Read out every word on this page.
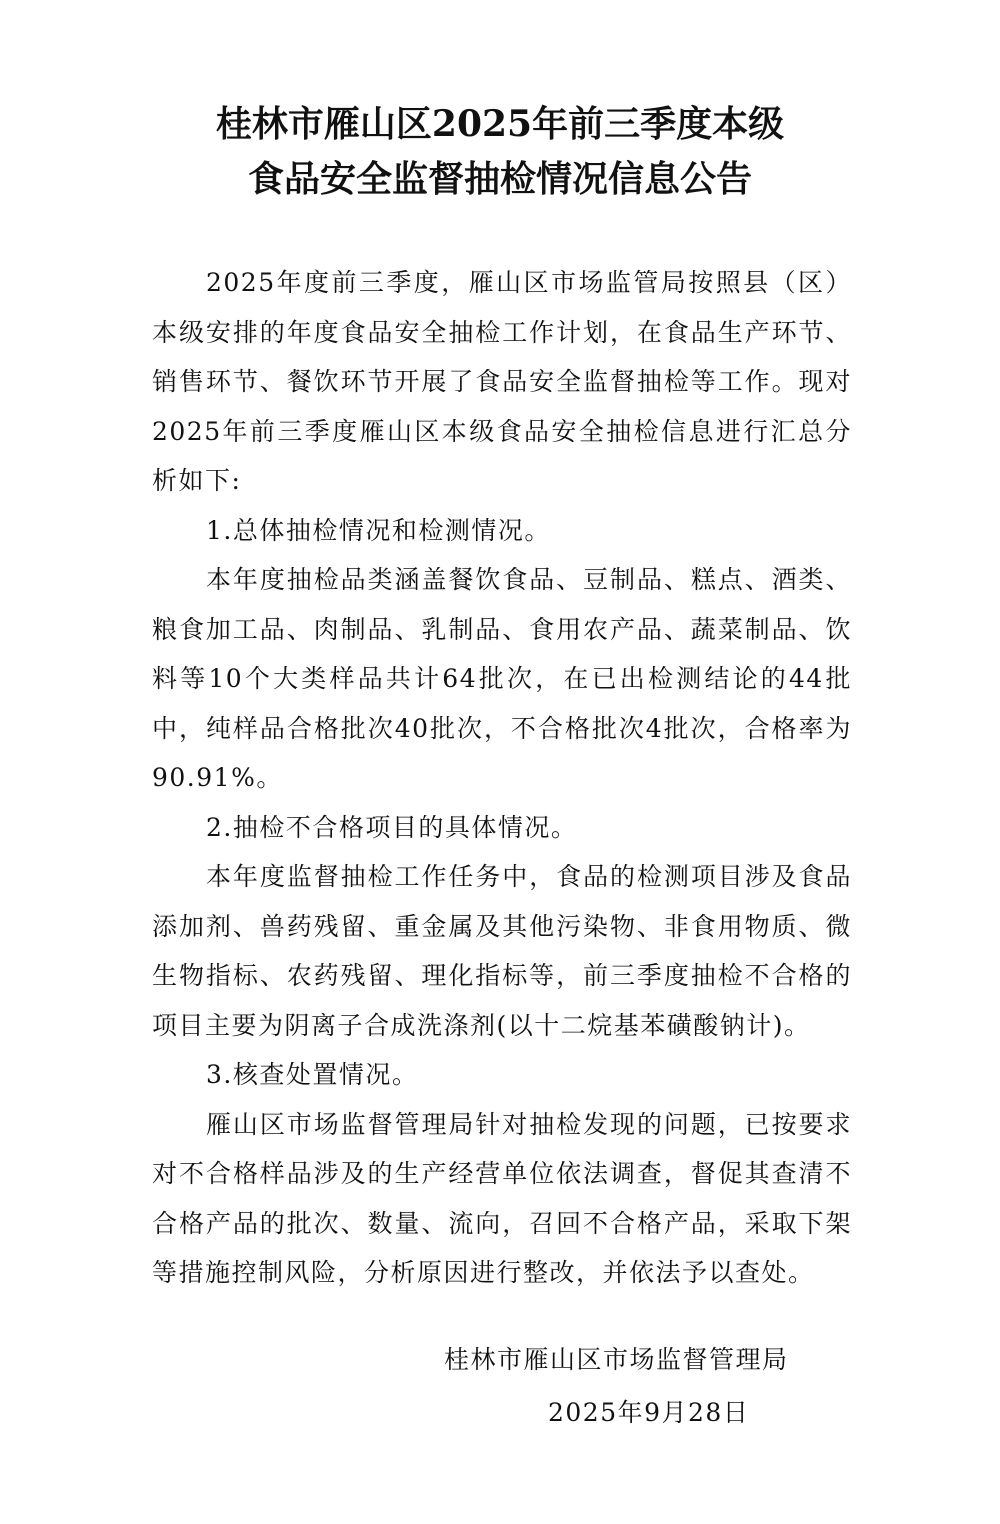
桂林市雁山区2025年前三季度本级
食品安全监督抽检情况信息公告

2025年度前三季度，雁山区市场监管局按照县（区）本级安排的年度食品安全抽检工作计划，在食品生产环节、销售环节、餐饮环节开展了食品安全监督抽检等工作。现对2025年前三季度雁山区本级食品安全抽检信息进行汇总分析如下:

1.总体抽检情况和检测情况。

本年度抽检品类涵盖餐饮食品、豆制品、糕点、酒类、粮食加工品、肉制品、乳制品、食用农产品、蔬菜制品、饮料等10个大类样品共计64批次，在已出检测结论的44批中，纯样品合格批次40批次，不合格批次4批次，合格率为90.91%。

2.抽检不合格项目的具体情况。

本年度监督抽检工作任务中，食品的检测项目涉及食品添加剂、兽药残留、重金属及其他污染物、非食用物质、微生物指标、农药残留、理化指标等，前三季度抽检不合格的项目主要为阴离子合成洗涤剂(以十二烷基苯磺酸钠计)。

3.核查处置情况。

雁山区市场监督管理局针对抽检发现的问题，已按要求对不合格样品涉及的生产经营单位依法调查，督促其查清不合格产品的批次、数量、流向，召回不合格产品，采取下架等措施控制风险，分析原因进行整改，并依法予以查处。

桂林市雁山区市场监督管理局
2025年9月28日
